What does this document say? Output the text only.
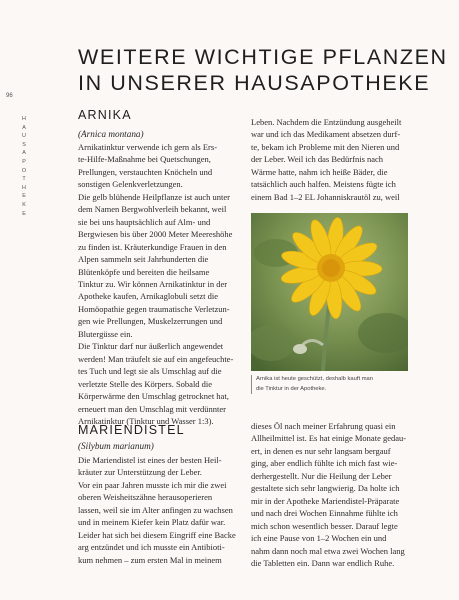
WEITERE WICHTIGE PFLANZEN
IN UNSERER HAUSAPOTHEKE
96
H
A
U
S
A
P
O
T
H
E
K
E
ARNIKA

(Arnica montana)

Arnikatinktur verwende ich gern als Ers-
te-Hilfe-Maßnahme bei Quetschungen,
Prellungen, verstauchten Knöcheln und
sonstigen Gelenkverletzungen.
Die gelb blühende Heilpflanze ist auch unter
dem Namen Bergwohlverleih bekannt, weil
sie bei uns hauptsächlich auf Alm- und
Bergwiesen bis über 2000 Meter Meereshöhe
zu finden ist. Kräuterkundige Frauen in den
Alpen sammeln seit Jahrhunderten die
Blütenköpfe und bereiten die heilsame
Tinktur zu. Wir können Arnikatinktur in der
Apotheke kaufen, Arnikaglobuli setzt die
Homöopathie gegen traumatische Verletzun-
gen wie Prellungen, Muskelzerrungen und
Blutergüsse ein.
Die Tinktur darf nur äußerlich angewendet
werden! Man träufelt sie auf ein angefeuchte-
tes Tuch und legt sie als Umschlag auf die
verletzte Stelle des Körpers. Sobald die
Körperwärme den Umschlag getrocknet hat,
erneuert man den Umschlag mit verdünnter
Arnikatinktur (Tinktur und Wasser 1:3).
Leben. Nachdem die Entzündung ausgeheilt
war und ich das Medikament absetzen durf-
te, bekam ich Probleme mit den Nieren und
der Leber. Weil ich das Bedürfnis nach
Wärme hatte, nahm ich heiße Bäder, die
tatsächlich auch halfen. Meistens fügte ich
einem Bad 1–2 EL Johanniskrautöl zu, weil
Arnika ist heute geschützt, deshalb kauft man
die Tinktur in der Apotheke.
MARIENDISTEL

(Silybum marianum)

Die Mariendistel ist eines der besten Heil-
kräuter zur Unterstützung der Leber.
Vor ein paar Jahren musste ich mir die zwei
oberen Weisheitszähne herausoperieren
lassen, weil sie im Alter anfingen zu wachsen
und in meinem Kiefer kein Platz dafür war.
Leider hat sich bei diesem Eingriff eine Backe
arg entzündet und ich musste ein Antibioti-
kum nehmen – zum ersten Mal in meinem
dieses Öl nach meiner Erfahrung quasi ein
Allheilmittel ist. Es hat einige Monate gedau-
ert, in denen es nur sehr langsam bergauf
ging, aber endlich fühlte ich mich fast wie-
derhergestellt. Nur die Heilung der Leber
gestaltete sich sehr langwierig. Da holte ich
mir in der Apotheke Mariendistel-Präparate
und nach drei Wochen Einnahme fühlte ich
mich schon wesentlich besser. Darauf legte
ich eine Pause von 1–2 Wochen ein und
nahm dann noch mal etwa zwei Wochen lang
die Tabletten ein. Dann war endlich Ruhe.
